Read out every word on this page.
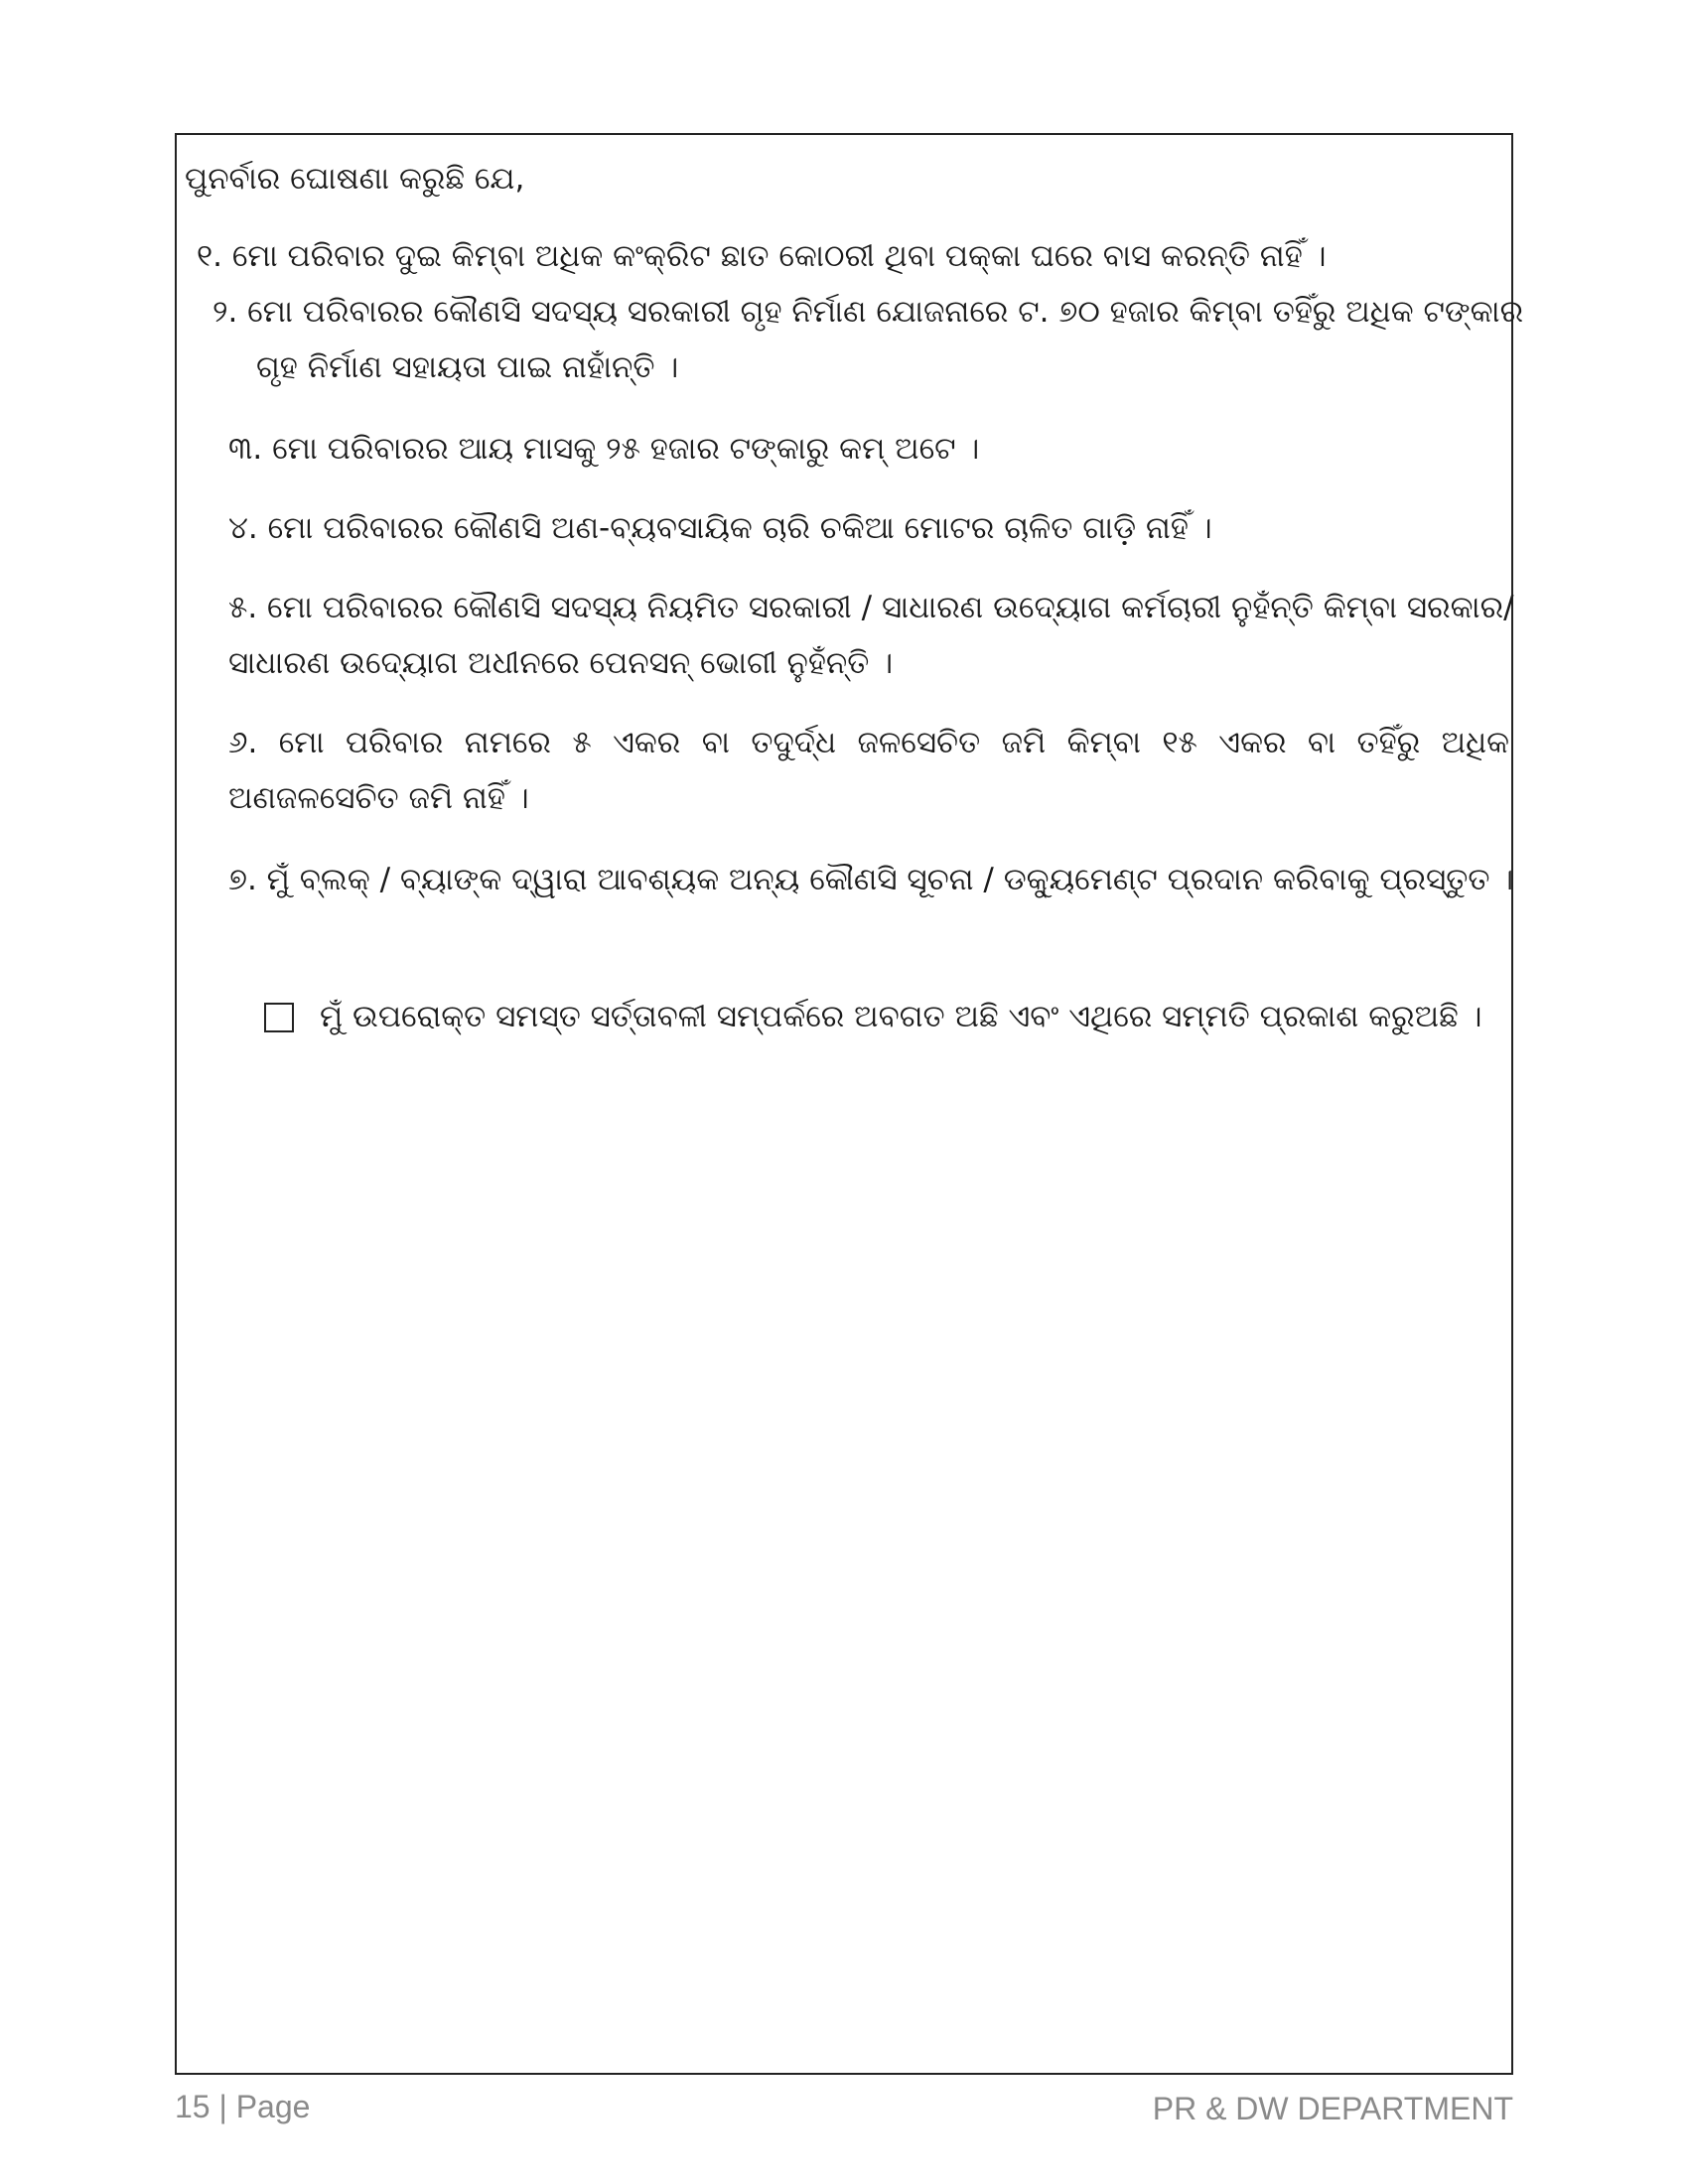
ପୁନର୍ବାର ଘୋଷଣା କରୁଛି ଯେ,
୧. ମୋ ପରିବାର ଦୁଇ କିମ୍ବା ଅଧିକ କଂକ୍ରିଟ ଛାତ କୋଠରୀ ଥିବା ପକ୍କା ଘରେ ବାସ କରନ୍ତି ନାହିଁ ।
୨. ମୋ ପରିବାରର କୌଣସି ସଦସ୍ୟ ସରକାରୀ ଗୃହ ନିର୍ମାଣ ଯୋଜନାରେ ଟ. ୭୦ ହଜାର କିମ୍ବା ତହିଁରୁ ଅଧିକ ଟଙ୍କାର
ଗୃହ ନିର୍ମାଣ ସହାୟତା ପାଇ ନାହାଁନ୍ତି ।
୩. ମୋ ପରିବାରର ଆୟ ମାସକୁ ୨୫ ହଜାର ଟଙ୍କାରୁ କମ୍ ଅଟେ ।
୪. ମୋ ପରିବାରର କୌଣସି ଅଣ-ବ୍ୟବସାୟିକ ଚାରି ଚକିଆ ମୋଟର ଚାଳିତ ଗାଡ଼ି ନାହିଁ ।
୫. ମୋ ପରିବାରର କୌଣସି ସଦସ୍ୟ ନିୟମିତ ସରକାରୀ / ସାଧାରଣ ଉଦ୍ୟୋଗ କର୍ମଚାରୀ ନୁହଁନ୍ତି କିମ୍ବା ସରକାର/
ସାଧାରଣ ଉଦ୍ୟୋଗ ଅଧୀନରେ ପେନସନ୍ ଭୋଗୀ ନୁହଁନ୍ତି ।
୬. ମୋ ପରିବାର ନାମରେ ୫ ଏକର ବା ତଦୁର୍ଦ୍ଧ ଜଳସେଚିତ ଜମି କିମ୍ବା ୧୫ ଏକର ବା ତହିଁରୁ ଅଧିକ
ଅଣଜଳସେଚିତ ଜମି ନାହିଁ ।
୭. ମୁଁ ବ୍ଲକ୍ / ବ୍ୟାଙ୍କ ଦ୍ୱାରା ଆବଶ୍ୟକ ଅନ୍ୟ କୌଣସି ସୂଚନା / ଡକ୍ୟୁମେଣ୍ଟ ପ୍ରଦାନ କରିବାକୁ ପ୍ରସ୍ତୁତ ।
ମୁଁ ଉପରୋକ୍ତ ସମସ୍ତ ସର୍ତ୍ତାବଳୀ ସମ୍ପର୍କରେ ଅବଗତ ଅଛି ଏବଂ ଏଥିରେ ସମ୍ମତି ପ୍ରକାଶ କରୁଅଛି ।
15 | Page	PR & DW DEPARTMENT
